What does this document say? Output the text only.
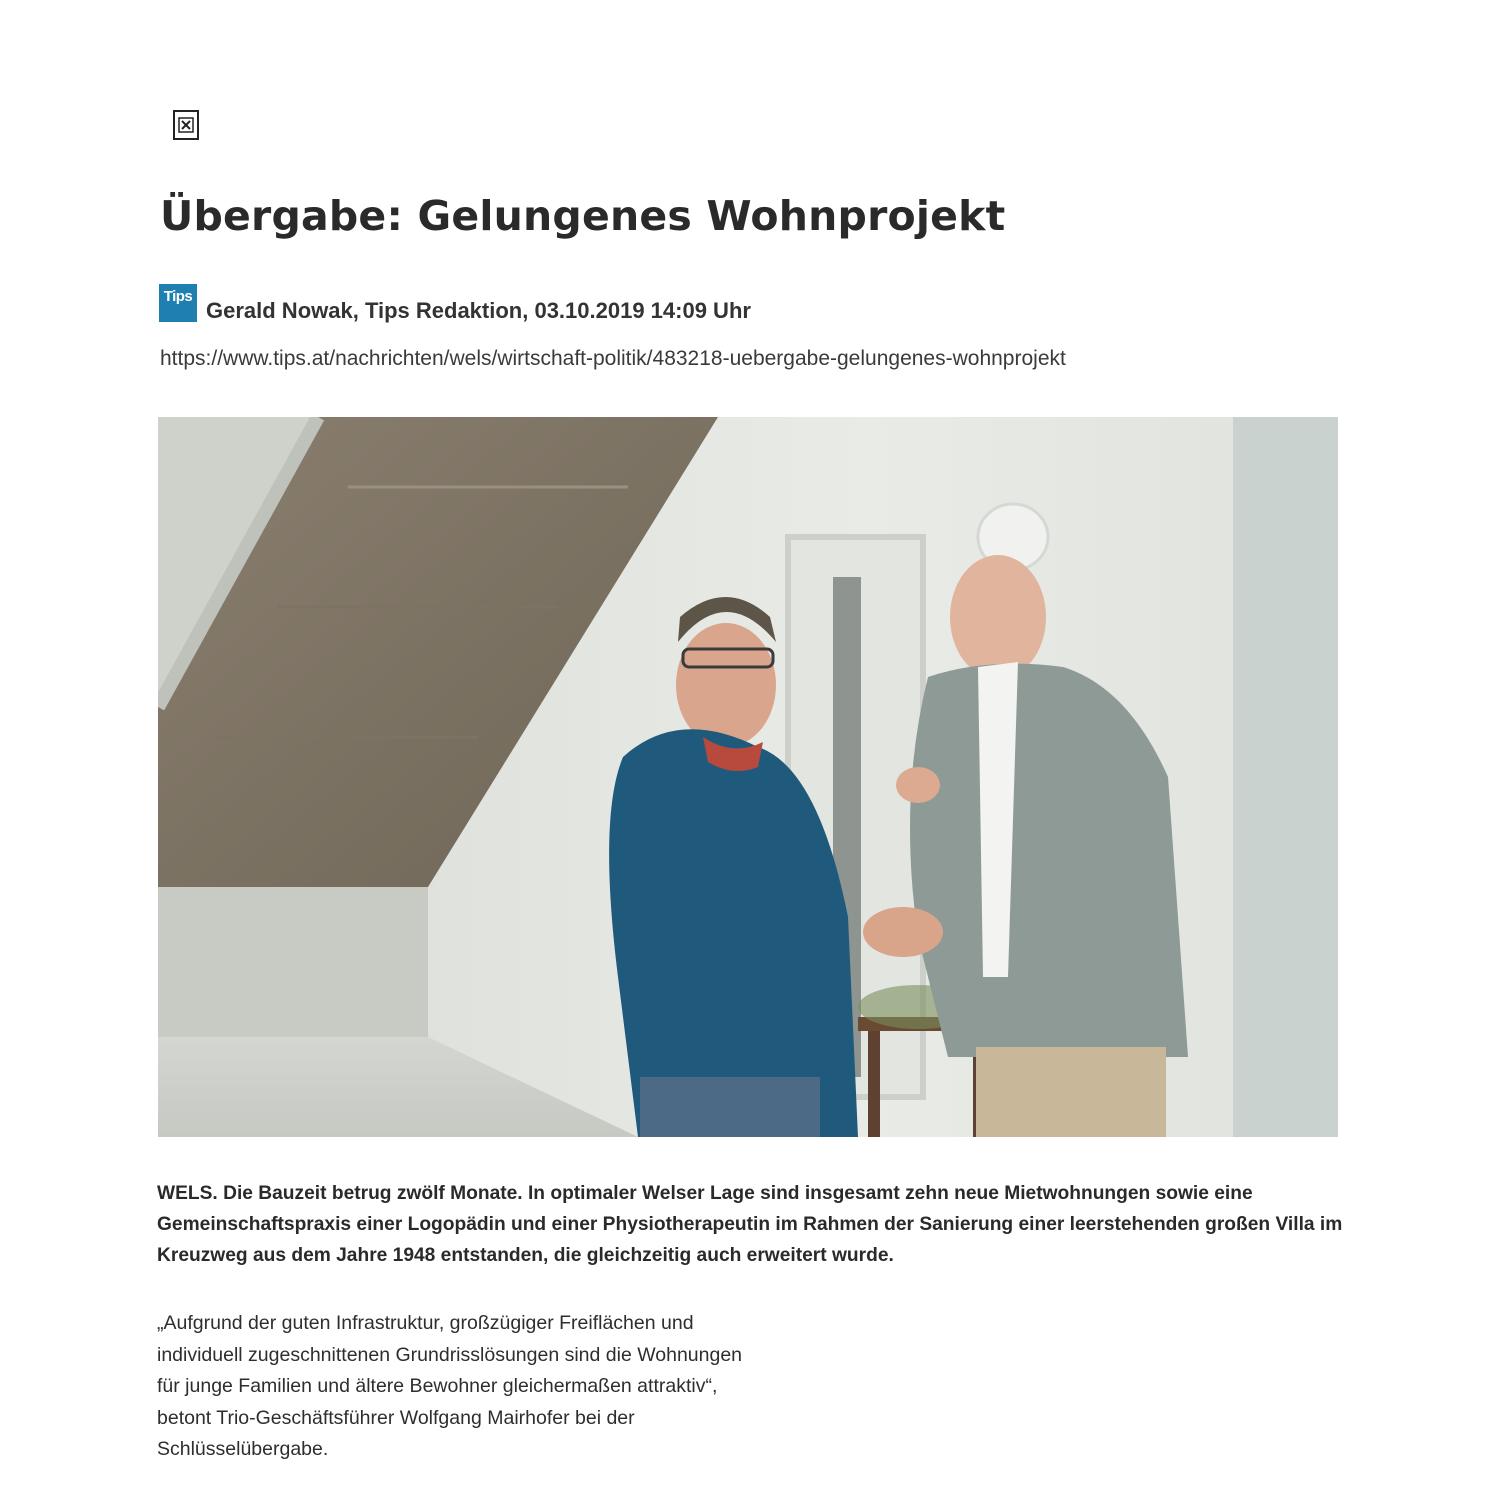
Übergabe: Gelungenes Wohnprojekt
Tips
Gerald Nowak, Tips Redaktion, 03.10.2019 14:09 Uhr
https://www.tips.at/nachrichten/wels/wirtschaft-politik/483218-uebergabe-gelungenes-wohnprojekt

WELS. Die Bauzeit betrug zwölf Monate. In optimaler Welser Lage sind insgesamt zehn neue Mietwohnungen sowie eine Gemeinschaftspraxis einer Logopädin und einer Physiotherapeutin im Rahmen der Sanierung einer leerstehenden großen Villa im Kreuzweg aus dem Jahre 1948 entstanden, die gleichzeitig auch erweitert wurde.

„Aufgrund der guten Infrastruktur, großzügiger Freiflächen und individuell zugeschnittenen Grundrisslösungen sind die Wohnungen für junge Familien und ältere Bewohner gleichermaßen attraktiv“, betont Trio-Geschäftsführer Wolfgang Mairhofer bei der Schlüsselübergabe.
